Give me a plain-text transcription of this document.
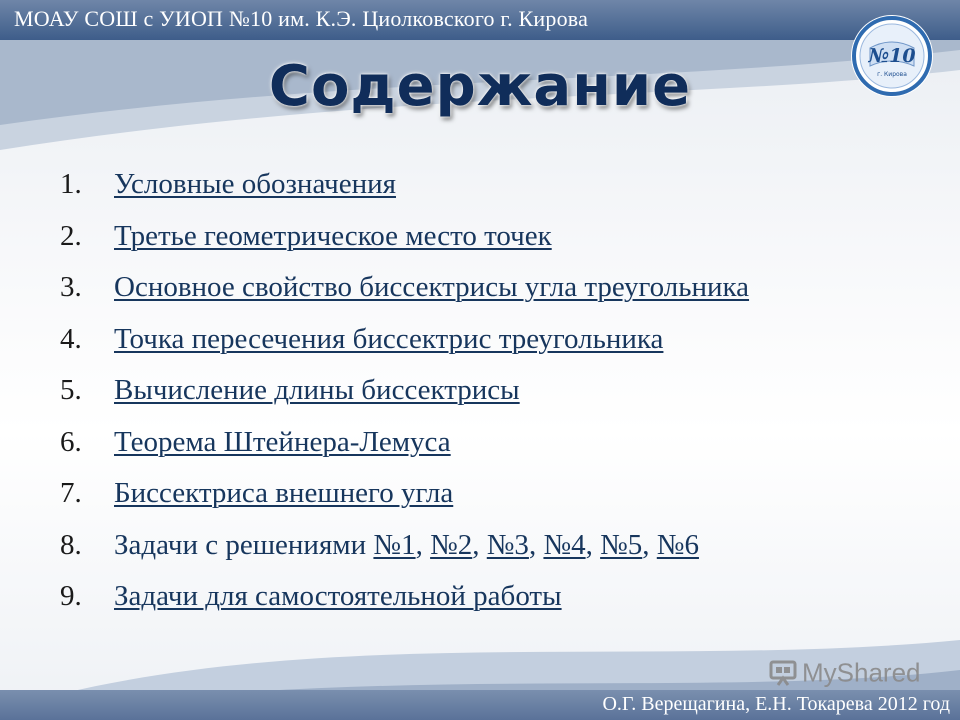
МОАУ СОШ с УИОП №10 им. К.Э. Циолковского г. Кирова
№10
г. Кирова
Содержание
1.	Условные обозначения
2.	Третье геометрическое место точек
3.	Основное свойство биссектрисы угла треугольника
4.	Точка пересечения биссектрис треугольника
5.	Вычисление длины биссектрисы
6.	Теорема Штейнера-Лемуса
7.	Биссектриса внешнего угла
8.	Задачи с решениями №1, №2, №3, №4, №5, №6
9.	Задачи для самостоятельной работы
MyShared
О.Г. Верещагина, Е.Н. Токарева 2012 год
